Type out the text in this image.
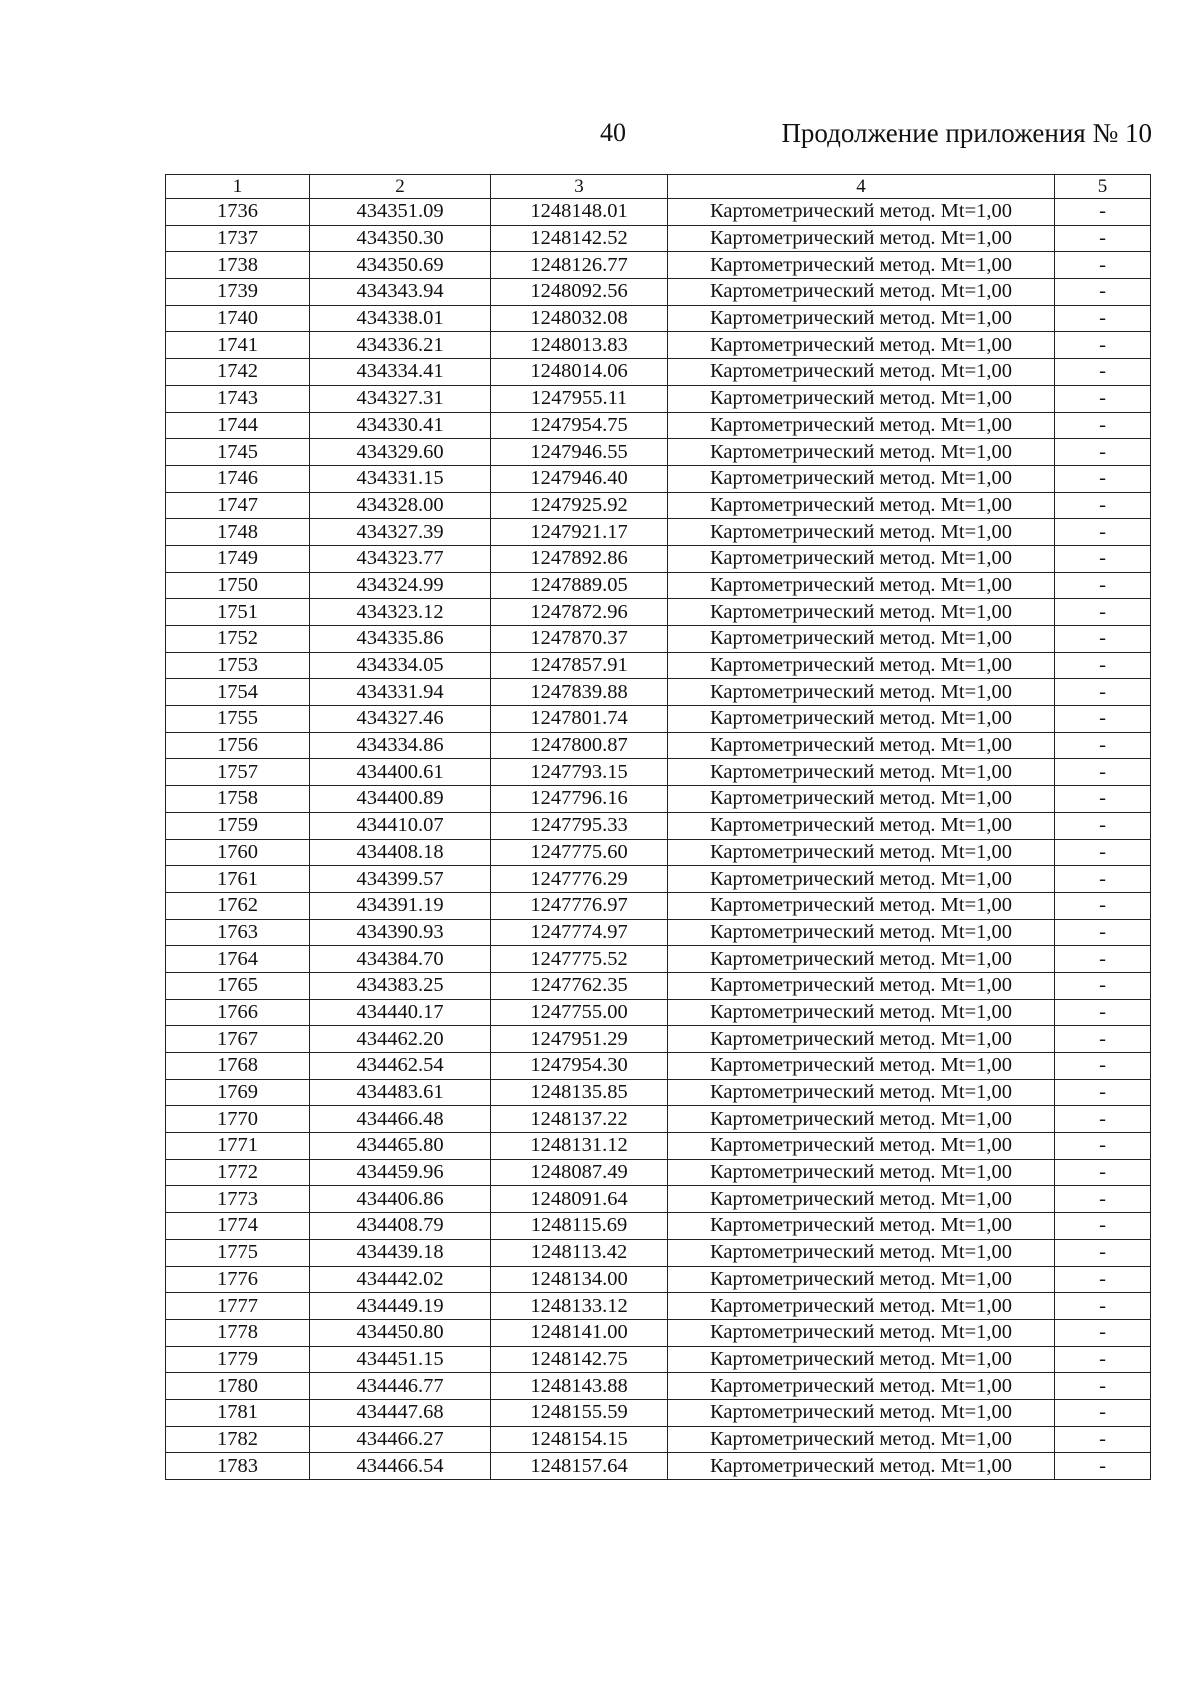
40	Продолжение приложения № 10
1	2	3	4	5
1736	434351.09	1248148.01	Картометрический метод. Mt=1,00	-
1737	434350.30	1248142.52	Картометрический метод. Mt=1,00	-
1738	434350.69	1248126.77	Картометрический метод. Mt=1,00	-
1739	434343.94	1248092.56	Картометрический метод. Mt=1,00	-
1740	434338.01	1248032.08	Картометрический метод. Mt=1,00	-
1741	434336.21	1248013.83	Картометрический метод. Mt=1,00	-
1742	434334.41	1248014.06	Картометрический метод. Mt=1,00	-
1743	434327.31	1247955.11	Картометрический метод. Mt=1,00	-
1744	434330.41	1247954.75	Картометрический метод. Mt=1,00	-
1745	434329.60	1247946.55	Картометрический метод. Mt=1,00	-
1746	434331.15	1247946.40	Картометрический метод. Mt=1,00	-
1747	434328.00	1247925.92	Картометрический метод. Mt=1,00	-
1748	434327.39	1247921.17	Картометрический метод. Mt=1,00	-
1749	434323.77	1247892.86	Картометрический метод. Mt=1,00	-
1750	434324.99	1247889.05	Картометрический метод. Mt=1,00	-
1751	434323.12	1247872.96	Картометрический метод. Mt=1,00	-
1752	434335.86	1247870.37	Картометрический метод. Mt=1,00	-
1753	434334.05	1247857.91	Картометрический метод. Mt=1,00	-
1754	434331.94	1247839.88	Картометрический метод. Mt=1,00	-
1755	434327.46	1247801.74	Картометрический метод. Mt=1,00	-
1756	434334.86	1247800.87	Картометрический метод. Mt=1,00	-
1757	434400.61	1247793.15	Картометрический метод. Mt=1,00	-
1758	434400.89	1247796.16	Картометрический метод. Mt=1,00	-
1759	434410.07	1247795.33	Картометрический метод. Mt=1,00	-
1760	434408.18	1247775.60	Картометрический метод. Mt=1,00	-
1761	434399.57	1247776.29	Картометрический метод. Mt=1,00	-
1762	434391.19	1247776.97	Картометрический метод. Mt=1,00	-
1763	434390.93	1247774.97	Картометрический метод. Mt=1,00	-
1764	434384.70	1247775.52	Картометрический метод. Mt=1,00	-
1765	434383.25	1247762.35	Картометрический метод. Mt=1,00	-
1766	434440.17	1247755.00	Картометрический метод. Mt=1,00	-
1767	434462.20	1247951.29	Картометрический метод. Mt=1,00	-
1768	434462.54	1247954.30	Картометрический метод. Mt=1,00	-
1769	434483.61	1248135.85	Картометрический метод. Mt=1,00	-
1770	434466.48	1248137.22	Картометрический метод. Mt=1,00	-
1771	434465.80	1248131.12	Картометрический метод. Mt=1,00	-
1772	434459.96	1248087.49	Картометрический метод. Mt=1,00	-
1773	434406.86	1248091.64	Картометрический метод. Mt=1,00	-
1774	434408.79	1248115.69	Картометрический метод. Mt=1,00	-
1775	434439.18	1248113.42	Картометрический метод. Mt=1,00	-
1776	434442.02	1248134.00	Картометрический метод. Mt=1,00	-
1777	434449.19	1248133.12	Картометрический метод. Mt=1,00	-
1778	434450.80	1248141.00	Картометрический метод. Mt=1,00	-
1779	434451.15	1248142.75	Картометрический метод. Mt=1,00	-
1780	434446.77	1248143.88	Картометрический метод. Mt=1,00	-
1781	434447.68	1248155.59	Картометрический метод. Mt=1,00	-
1782	434466.27	1248154.15	Картометрический метод. Mt=1,00	-
1783	434466.54	1248157.64	Картометрический метод. Mt=1,00	-
